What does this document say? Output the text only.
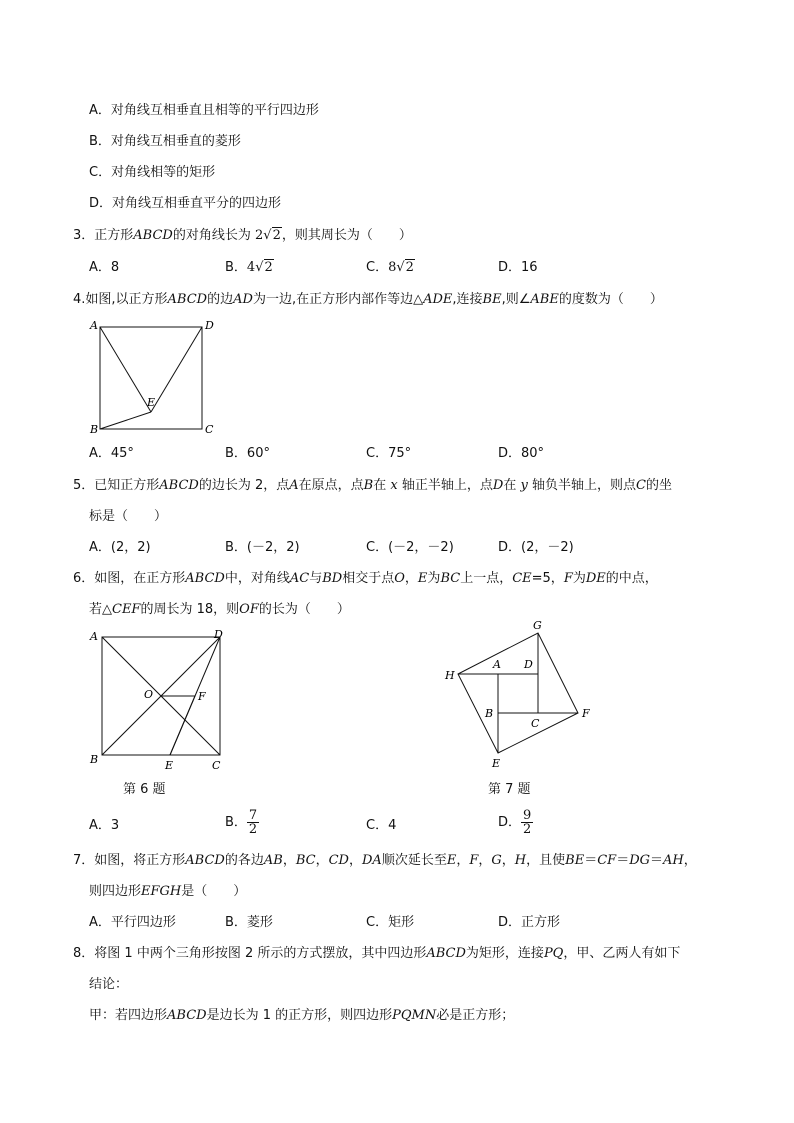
A．对角线互相垂直且相等的平行四边形
B．对角线互相垂直的菱形
C．对角线相等的矩形
D．对角线互相垂直平分的四边形
3．正方形ABCD的对角线长为 2√2，则其周长为（　　）
A．8	B．4√2	C．8√2	D．16
4.如图,以正方形ABCD的边AD为一边,在正方形内部作等边△ADE,连接BE,则∠ABE的度数为（　　）
A	D
B	C
E
A．45°	B．60°	C．75°	D．80°
5．已知正方形ABCD的边长为 2，点A在原点，点B在 x 轴正半轴上，点D在 y 轴负半轴上，则点C的坐
标是（　　）
A．(2，2)	B．(－2，2)	C．(－2，－2)	D．(2，－2)
6．如图，在正方形ABCD中，对角线AC与BD相交于点O，E为BC上一点，CE=5，F为DE的中点，
若△CEF的周长为 18，则OF的长为（　　）
A	D
B	C
E
F
O
第 6 题
G
H
A D
B
C
F
E
第 7 题
A．3	B． $\frac{7}{2}$	C．4	D． $\frac{9}{2}$
7．如图，将正方形ABCD的各边AB，BC，CD，DA顺次延长至E，F，G，H，且使BE＝CF＝DG＝AH，
则四边形EFGH是（　　）
A．平行四边形	B．菱形	C．矩形	D．正方形
8．将图 1 中两个三角形按图 2 所示的方式摆放，其中四边形ABCD为矩形，连接PQ，甲、乙两人有如下
结论：
甲：若四边形ABCD是边长为 1 的正方形，则四边形PQMN必是正方形；
